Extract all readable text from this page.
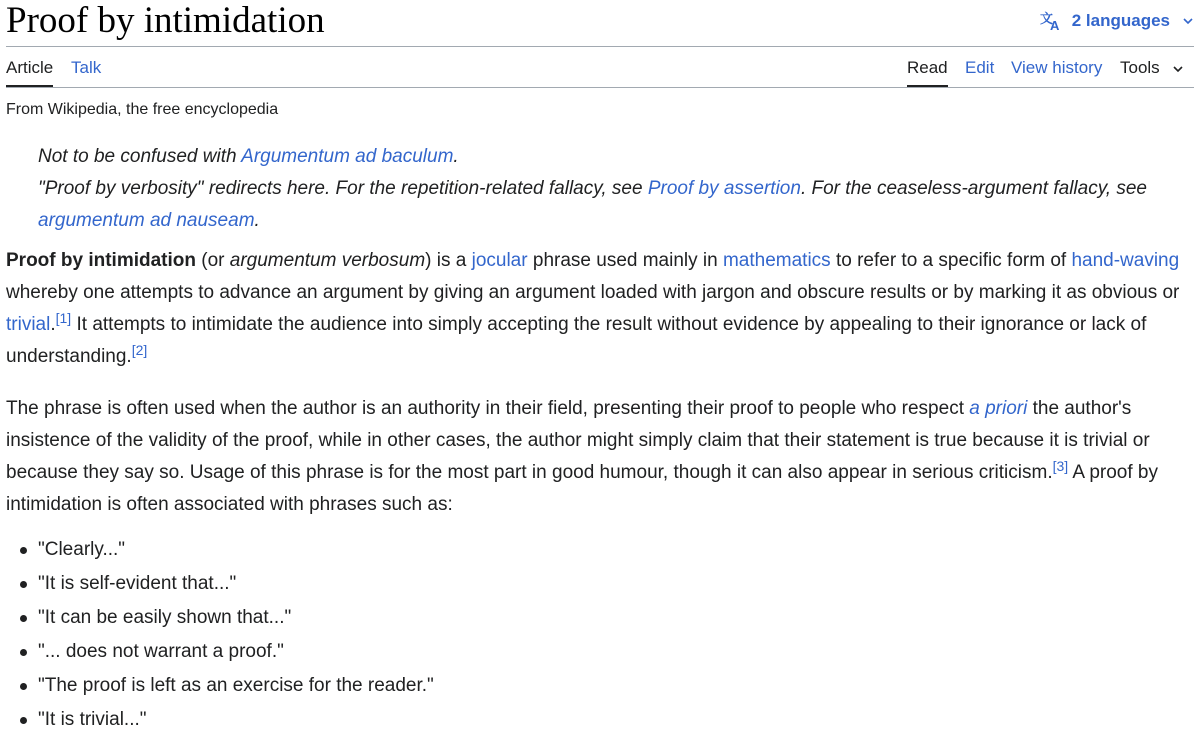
Proof by intimidation	文
A 2 languages
Article Talk	Read Edit View history Tools
From Wikipedia, the free encyclopedia

Not to be confused with Argumentum ad baculum.

"Proof by verbosity" redirects here. For the repetition-related fallacy, see Proof by assertion. For the ceaseless-argument fallacy, see argumentum ad nauseam.

Proof by intimidation (or argumentum verbosum) is a jocular phrase used mainly in mathematics to refer to a specific form of hand-waving whereby one attempts to advance an argument by giving an argument loaded with jargon and obscure results or by marking it as obvious or trivial.[1] It attempts to intimidate the audience into simply accepting the result without evidence by appealing to their ignorance or lack of understanding.[2]

The phrase is often used when the author is an authority in their field, presenting their proof to people who respect a priori the author's insistence of the validity of the proof, while in other cases, the author might simply claim that their statement is true because it is trivial or because they say so. Usage of this phrase is for the most part in good humour, though it can also appear in serious criticism.[3] A proof by intimidation is often associated with phrases such as:

"Clearly..."
"It is self-evident that..."
"It can be easily shown that..."
"... does not warrant a proof."
"The proof is left as an exercise for the reader."
"It is trivial..."
